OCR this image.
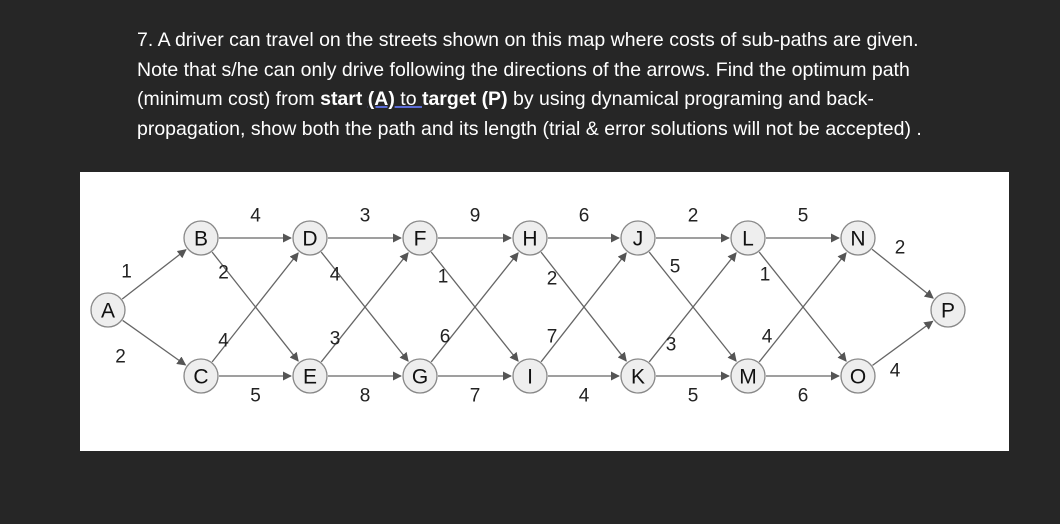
7. A driver can travel on the streets shown on this map where costs of sub-paths are given.
Note that s/he can only drive following the directions of the arrows. Find the optimum path
(minimum cost) from start (A) to target (P) by using dynamical programing and back-
propagation, show both the path and its length (trial & error solutions will not be accepted) .
1
2
4
2
4
5
3
4
3
8
9
1
6
7
6
2
7
4
2
5
3
5
5
1
4
6
2
4
A
B
C
D
E
F
G
H
I
J
K
L
M
N
O
P
